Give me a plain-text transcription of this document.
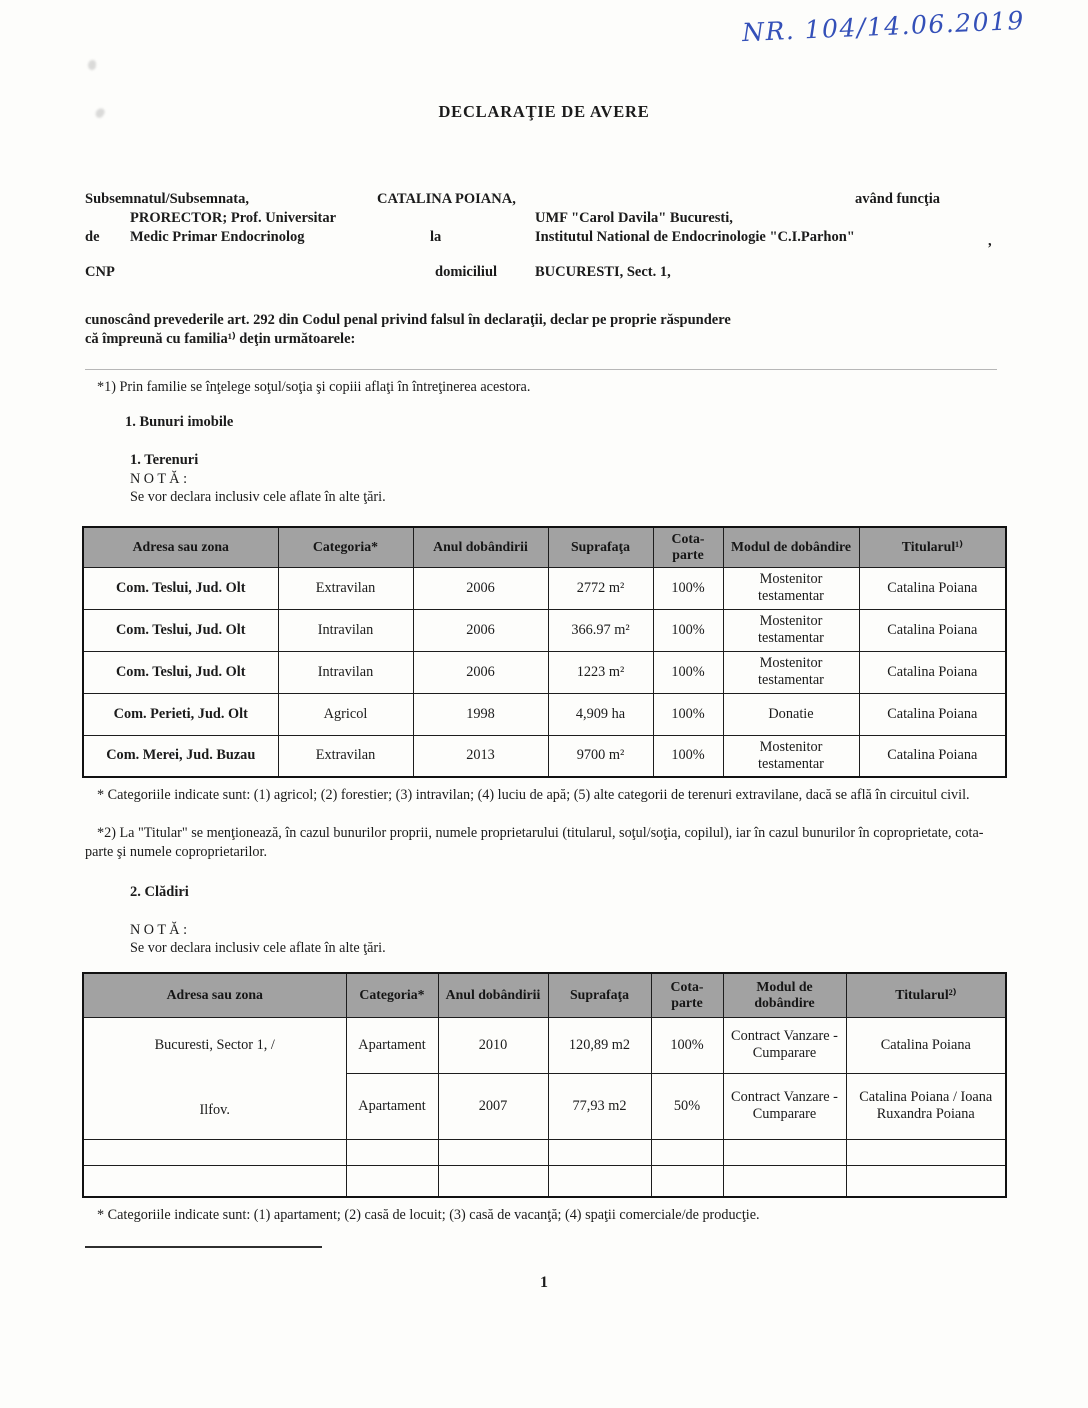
NR. 104/14.06.2019
DECLARAŢIE DE AVERE
Subsemnatul/Subsemnata,	CATALINA POIANA,	având funcţia
PRORECTOR; Prof. Universitar	UMF "Carol Davila" Bucuresti,
de Medic Primar Endocrinolog	la	Institutul National de Endocrinologie "C.I.Parhon"	,
CNP	domiciliul	BUCURESTI, Sect. 1,
cunoscând prevederile art. 292 din Codul penal privind falsul în declaraţii, declar pe proprie răspundere
că împreună cu familia¹⁾ deţin următoarele:
*1) Prin familie se înţelege soţul/soţia şi copiii aflaţi în întreţinerea acestora.
1. Bunuri imobile
1. Terenuri
N O T Ă :
Se vor declara inclusiv cele aflate în alte ţări.
Adresa sau zona	Categoria*	Anul dobândirii	Suprafaţa	Cota-parte	Modul de dobândire	Titularul¹⁾
Com. Teslui, Jud. Olt	Extravilan	2006	2772 m²	100%	Mostenitor testamentar	Catalina Poiana
Com. Teslui, Jud. Olt	Intravilan	2006	366.97 m²	100%	Mostenitor testamentar	Catalina Poiana
Com. Teslui, Jud. Olt	Intravilan	2006	1223 m²	100%	Mostenitor testamentar	Catalina Poiana
Com. Perieti, Jud. Olt	Agricol	1998	4,909 ha	100%	Donatie	Catalina Poiana
Com. Merei, Jud. Buzau	Extravilan	2013	9700 m²	100%	Mostenitor testamentar	Catalina Poiana
* Categoriile indicate sunt: (1) agricol; (2) forestier; (3) intravilan; (4) luciu de apă; (5) alte categorii de terenuri extravilane, dacă se află în circuitul civil.
*2) La "Titular" se menţionează, în cazul bunurilor proprii, numele proprietarului (titularul, soţul/soţia, copilul), iar în cazul bunurilor în coproprietate, cota-parte şi numele coproprietarilor.
2. Clădiri
N O T Ă :
Se vor declara inclusiv cele aflate în alte ţări.
Adresa sau zona	Categoria*	Anul dobândirii	Suprafaţa	Cota-parte	Modul de dobândire	Titularul²⁾

Bucuresti, Sector 1, /
Ilfov.	Apartament	2010	120,89 m2	100%	Contract Vanzare - Cumparare	Catalina Poiana
	Apartament	2007	77,93 m2	50%	Contract Vanzare - Cumparare	Catalina Poiana / Ioana Ruxandra Poiana

* Categoriile indicate sunt: (1) apartament; (2) casă de locuit; (3) casă de vacanţă; (4) spaţii comerciale/de producţie.
1
